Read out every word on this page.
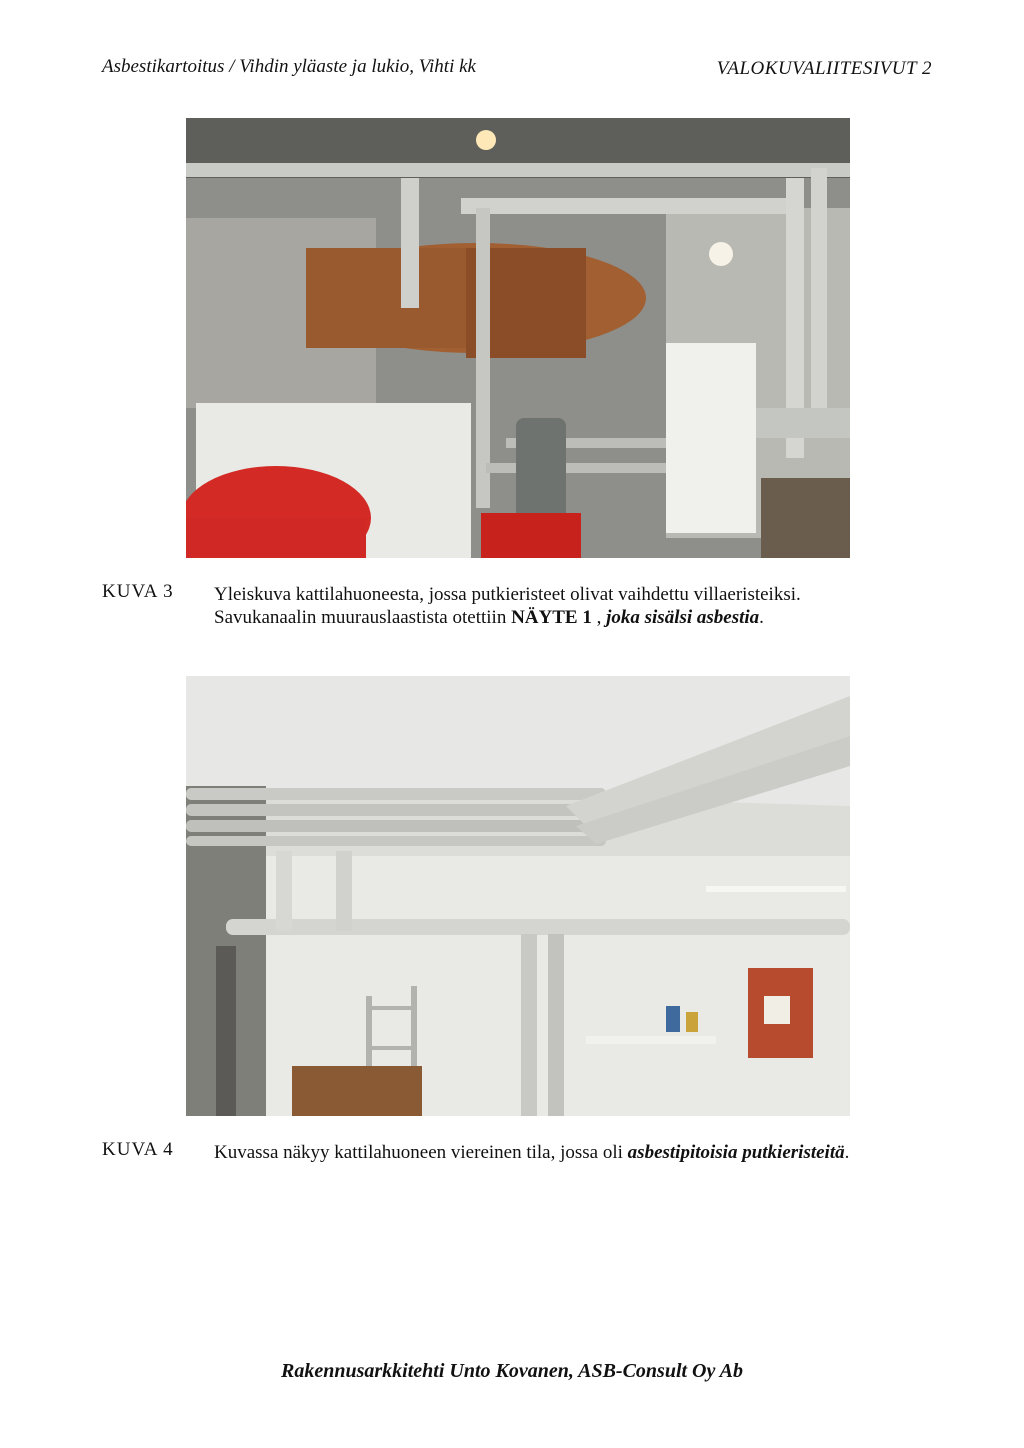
Asbestikartoitus / Vihdin yläaste ja lukio, Vihti kk	VALOKUVALIITESIVUT 2
KUVA 3 Yleiskuva kattilahuoneesta, jossa putkieristeet olivat vaihdettu villaeristeiksi.
Savukanaalin muurauslaastista otettiin NÄYTE 1 , joka sisälsi asbestia.
KUVA 4 Kuvassa näkyy kattilahuoneen viereinen tila, jossa oli asbestipitoisia putkieristeitä.
Rakennusarkkitehti Unto Kovanen, ASB-Consult Oy Ab
